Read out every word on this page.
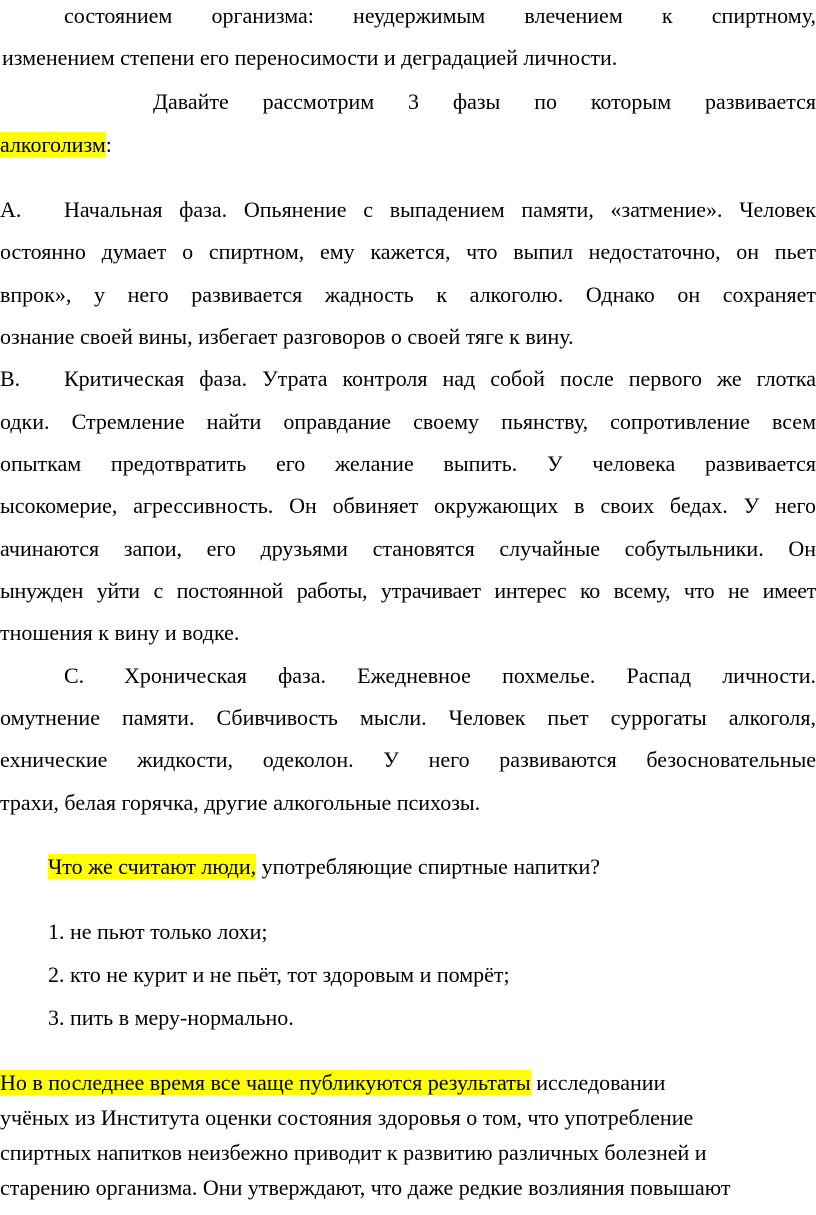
состоянием организма: неудержимым влечением к спиртному,
изменением степени его переносимости и деградацией личности.
Давайте рассмотрим 3 фазы по которым развивается
алкоголизм:
A. Начальная фаза. Опьянение с выпадением памяти, «затмение». Человек
остоянно думает о спиртном, ему кажется, что выпил недостаточно, он пьет
впрок», у него развивается жадность к алкоголю. Однако он сохраняет
ознание своей вины, избегает разговоров о своей тяге к вину.
B. Критическая фаза. Утрата контроля над собой после первого же глотка
одки. Стремление найти оправдание своему пьянству, сопротивление всем
опыткам предотвратить его желание выпить. У человека развивается
ысокомерие, агрессивность. Он обвиняет окружающих в своих бедах. У него
ачинаются запои, его друзьями становятся случайные собутыльники. Он
ынужден уйти с постоянной работы, утрачивает интерес ко всему, что не имеет
тношения к вину и водке.
C. Хроническая фаза. Ежедневное похмелье. Распад личности.
омутнение памяти. Сбивчивость мысли. Человек пьет суррогаты алкоголя,
ехнические жидкости, одеколон. У него развиваются безосновательные
трахи, белая горячка, другие алкогольные психозы.
Что же считают люди, употребляющие спиртные напитки?
1. не пьют только лохи;
2. кто не курит и не пьёт, тот здоровым и помрёт;
3. пить в меру-нормально.
Но в последнее время все чаще публикуются результаты исследовании
учёных из Института оценки состояния здоровья о том, что употребление
спиртных напитков неизбежно приводит к развитию различных болезней и
старению организма. Они утверждают, что даже редкие возлияния повышают
